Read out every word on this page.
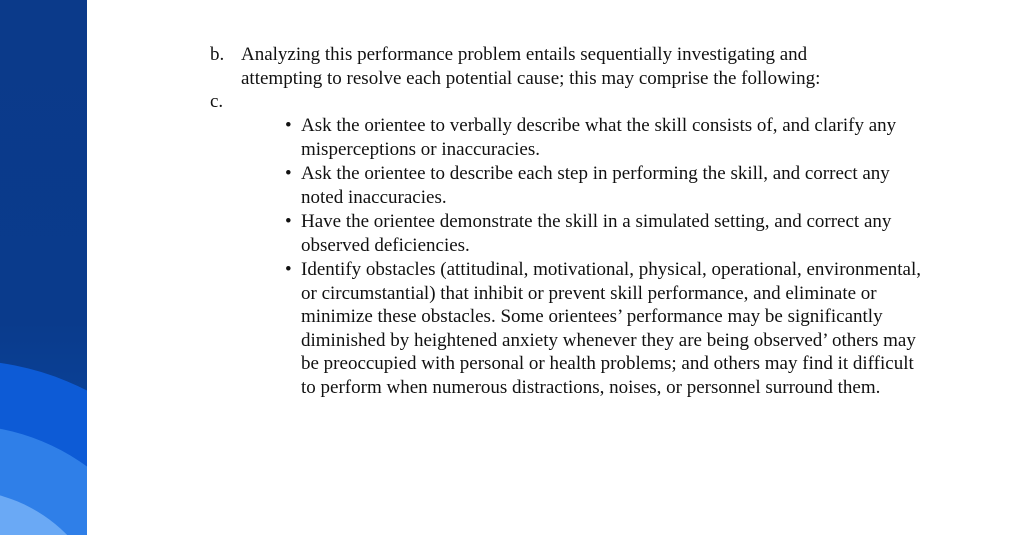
b. Analyzing this performance problem entails sequentially investigating and attempting to resolve each potential cause; this may comprise the following:
c.
• Ask the orientee to verbally describe what the skill consists of, and clarify any misperceptions or inaccuracies.
• Ask the orientee to describe each step in performing the skill, and correct any noted inaccuracies.
• Have the orientee demonstrate the skill in a simulated setting, and correct any observed deficiencies.
• Identify obstacles (attitudinal, motivational, physical, operational, environmental, or circumstantial) that inhibit or prevent skill performance, and eliminate or minimize these obstacles. Some orientees’ performance may be significantly diminished by heightened anxiety whenever they are being observed’ others may be preoccupied with personal or health problems; and others may find it difficult to perform when numerous distractions, noises, or personnel surround them.
